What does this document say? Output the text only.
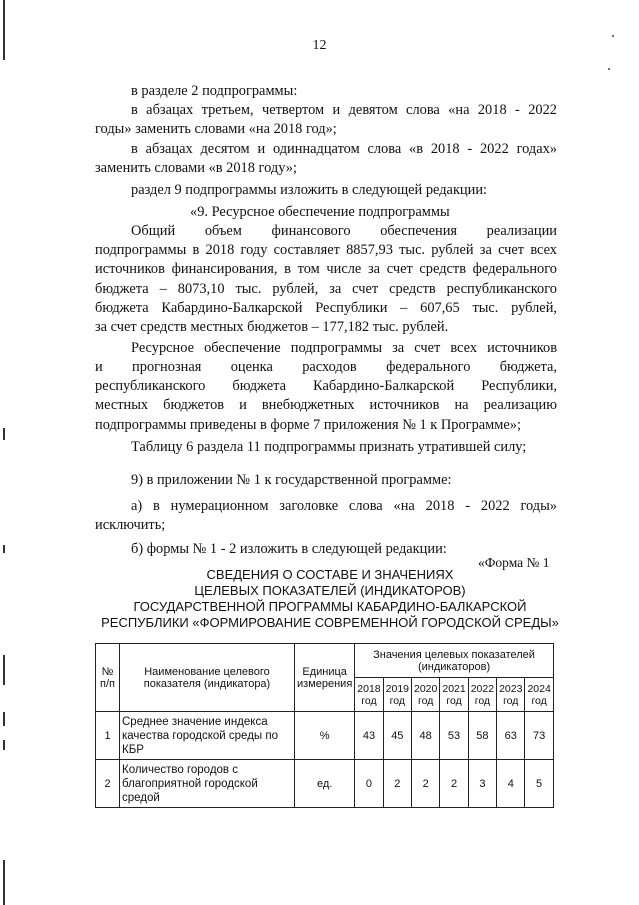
12
в разделе 2 подпрограммы:
в абзацах третьем, четвертом и девятом слова «на 2018 - 2022
годы» заменить словами «на 2018 год»;
в абзацах десятом и одиннадцатом слова «в 2018 - 2022 годах»
заменить словами «в 2018 году»;
раздел 9 подпрограммы изложить в следующей редакции:
«9. Ресурсное обеспечение подпрограммы
Общий объем финансового обеспечения реализации
подпрограммы в 2018 году составляет 8857,93 тыс. рублей за счет всех
источников финансирования, в том числе за счет средств федерального
бюджета – 8073,10 тыс. рублей, за счет средств республиканского
бюджета Кабардино-Балкарской Республики – 607,65 тыс. рублей,
за счет средств местных бюджетов – 177,182 тыс. рублей.
Ресурсное обеспечение подпрограммы за счет всех источников
и прогнозная оценка расходов федерального бюджета,
республиканского бюджета Кабардино-Балкарской Республики,
местных бюджетов и внебюджетных источников на реализацию
подпрограммы приведены в форме 7 приложения № 1 к Программе»;
Таблицу 6 раздела 11 подпрограммы признать утратившей силу;
9) в приложении № 1 к государственной программе:
а) в нумерационном заголовке слова «на 2018 - 2022 годы»
исключить;
б) формы № 1 - 2 изложить в следующей редакции:
«Форма № 1
СВЕДЕНИЯ О СОСТАВЕ И ЗНАЧЕНИЯХ
ЦЕЛЕВЫХ ПОКАЗАТЕЛЕЙ (ИНДИКАТОРОВ)
ГОСУДАРСТВЕННОЙ ПРОГРАММЫ КАБАРДИНО-БАЛКАРСКОЙ
РЕСПУБЛИКИ «ФОРМИРОВАНИЕ СОВРЕМЕННОЙ ГОРОДСКОЙ СРЕДЫ»
№ п/п	Наименование целевого показателя (индикатора)	Единица измерения	Значения целевых показателей (индикаторов)						
			2018 год	2019 год	2020 год	2021 год	2022 год	2023 год	2024 год
1	Среднее значение индекса качества городской среды по КБР	%	43	45	48	53	58	63	73
2	Количество городов с благоприятной городской средой	ед.	0	2	2	2	3	4	5
